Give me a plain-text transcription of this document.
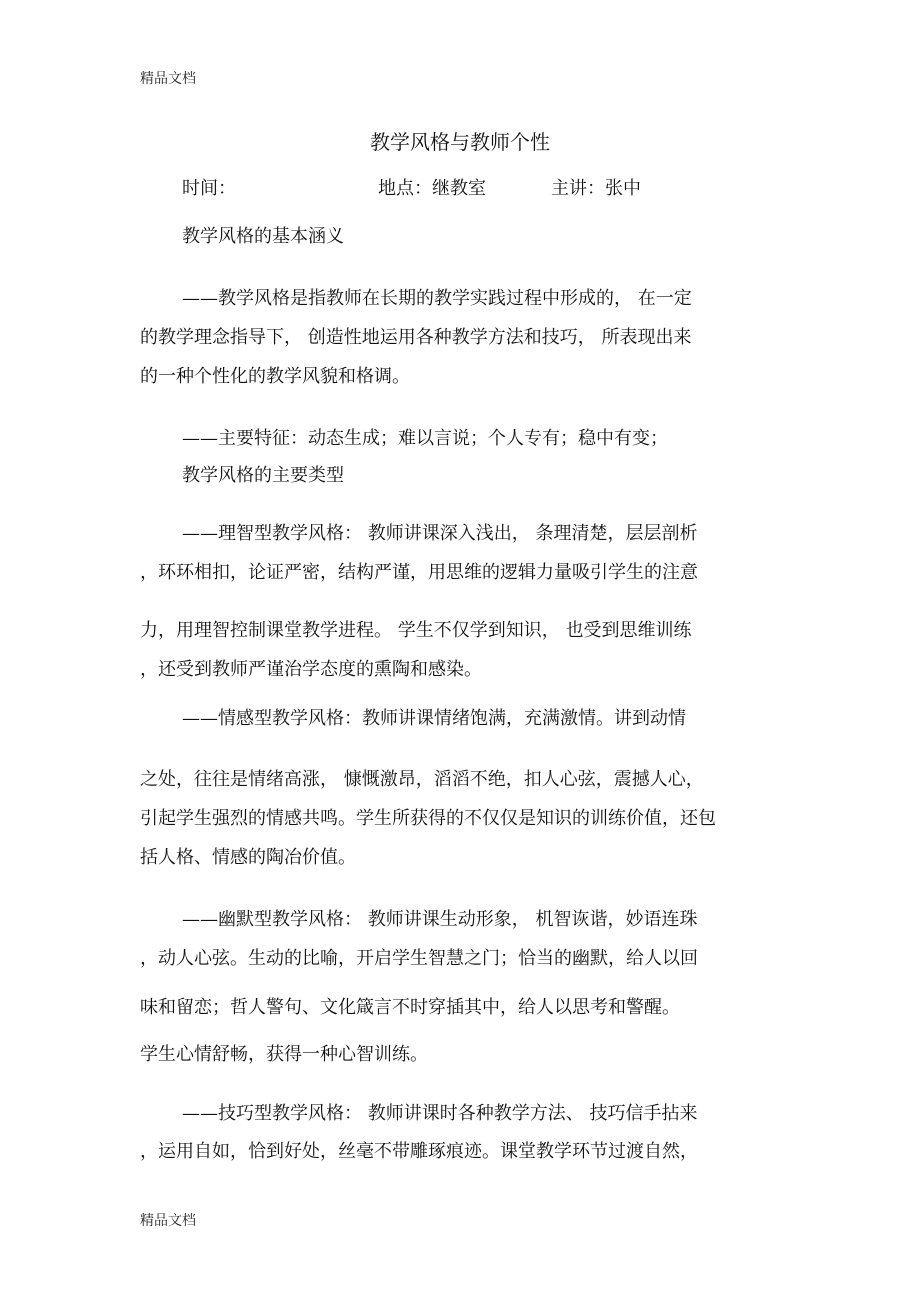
精品文档
教学风格与教师个性
时间：	地点：继教室	主讲：张中
教学风格的基本涵义
——教学风格是指教师在长期的教学实践过程中形成的， 在一定
的教学理念指导下， 创造性地运用各种教学方法和技巧， 所表现出来
的一种个性化的教学风貌和格调。
——主要特征：动态生成；难以言说；个人专有；稳中有变；
教学风格的主要类型
——理智型教学风格： 教师讲课深入浅出， 条理清楚，层层剖析
，环环相扣，论证严密，结构严谨，用思维的逻辑力量吸引学生的注意
力，用理智控制课堂教学进程。 学生不仅学到知识， 也受到思维训练
，还受到教师严谨治学态度的熏陶和感染。
——情感型教学风格：教师讲课情绪饱满，充满激情。讲到动情
之处，往往是情绪高涨， 慷慨激昂，滔滔不绝，扣人心弦，震撼人心，
引起学生强烈的情感共鸣。学生所获得的不仅仅是知识的训练价值，还包
括人格、情感的陶冶价值。
——幽默型教学风格： 教师讲课生动形象， 机智诙谐，妙语连珠
，动人心弦。生动的比喻，开启学生智慧之门；恰当的幽默，给人以回
味和留恋；哲人警句、文化箴言不时穿插其中，给人以思考和警醒。
学生心情舒畅，获得一种心智训练。
——技巧型教学风格： 教师讲课时各种教学方法、 技巧信手拈来
，运用自如，恰到好处，丝毫不带雕琢痕迹。课堂教学环节过渡自然，
精品文档
